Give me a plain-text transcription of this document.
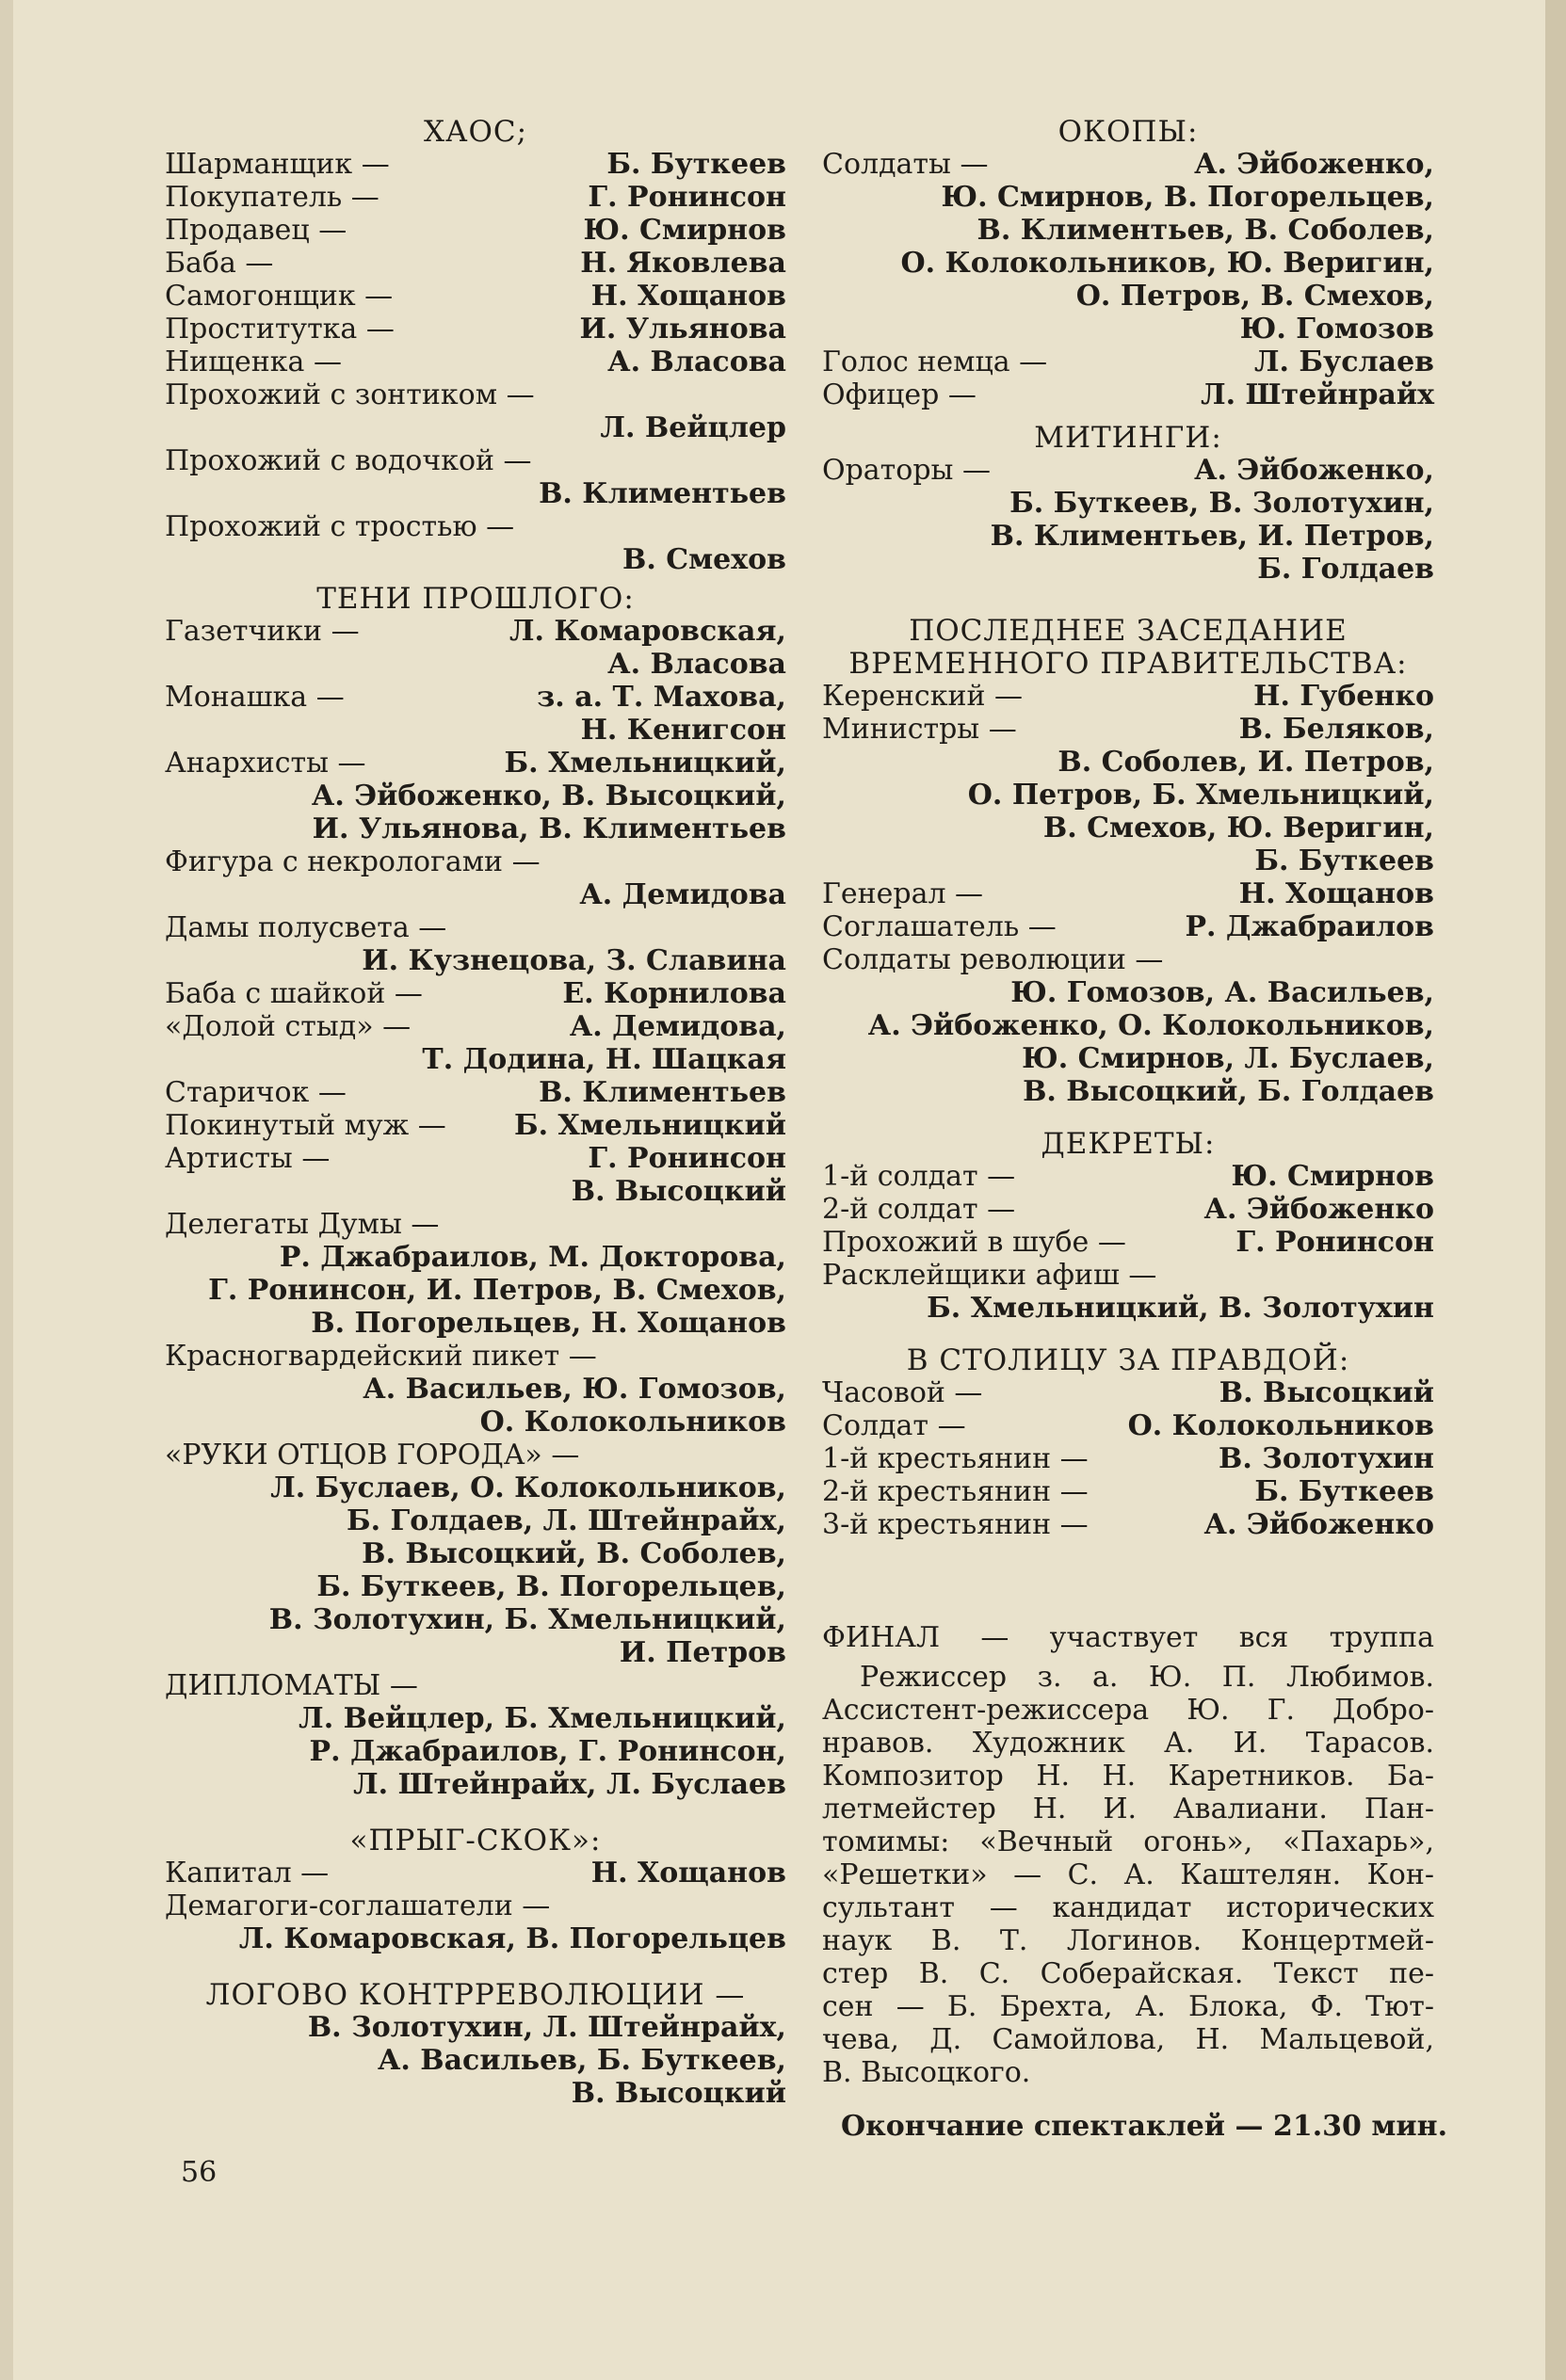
ХАОС;
Шарманщик —	Б. Буткеев
Покупатель —	Г. Ронинсон
Продавец —	Ю. Смирнов
Баба —	Н. Яковлева
Самогонщик —	Н. Хощанов
Проститутка —	И. Ульянова
Нищенка —	А. Власова
Прохожий с зонтиком —
Л. Вейцлер
Прохожий с водочкой —
В. Климентьев
Прохожий с тростью —
В. Смехов
ТЕНИ ПРОШЛОГО:
Газетчики —	Л. Комаровская,
А. Власова
Монашка —	з. а. Т. Махова,
Н. Кенигсон
Анархисты —	Б. Хмельницкий,
А. Эйбоженко, В. Высоцкий,
И. Ульянова, В. Климентьев
Фигура с некрологами —
А. Демидова
Дамы полусвета —
И. Кузнецова, З. Славина
Баба с шайкой —	Е. Корнилова
«Долой стыд» —	А. Демидова,
Т. Додина, Н. Шацкая
Старичок —	В. Климентьев
Покинутый муж — Б. Хмельницкий
Артисты —	Г. Ронинсон
В. Высоцкий
Делегаты Думы —
Р. Джабраилов, М. Докторова,
Г. Ронинсон, И. Петров, В. Смехов,
В. Погорельцев, Н. Хощанов
Красногвардейский пикет —
А. Васильев, Ю. Гомозов,
О. Колокольников
«РУКИ ОТЦОВ ГОРОДА» —
Л. Буслаев, О. Колокольников,
Б. Голдаев, Л. Штейнрайх,
В. Высоцкий, В. Соболев,
Б. Буткеев, В. Погорельцев,
В. Золотухин, Б. Хмельницкий,
И. Петров
ДИПЛОМАТЫ —
Л. Вейцлер, Б. Хмельницкий,
Р. Джабраилов, Г. Ронинсон,
Л. Штейнрайх, Л. Буслаев
«ПРЫГ-СКОК»:
Капитал —	Н. Хощанов
Демагоги-соглашатели —
Л. Комаровская, В. Погорельцев
ЛОГОВО КОНТРРЕВОЛЮЦИИ —
В. Золотухин, Л. Штейнрайх,
А. Васильев, Б. Буткеев,
В. Высоцкий
ОКОПЫ:
Солдаты —	А. Эйбоженко,
Ю. Смирнов, В. Погорельцев,
В. Климентьев, В. Соболев,
О. Колокольников, Ю. Веригин,
О. Петров, В. Смехов,
Ю. Гомозов
Голос немца —	Л. Буслаев
Офицер —	Л. Штейнрайх
МИТИНГИ:
Ораторы —	А. Эйбоженко,
Б. Буткеев, В. Золотухин,
В. Климентьев, И. Петров,
Б. Голдаев
ПОСЛЕДНЕЕ ЗАСЕДАНИЕ
ВРЕМЕННОГО ПРАВИТЕЛЬСТВА:
Керенский —	Н. Губенко
Министры —	В. Беляков,
В. Соболев, И. Петров,
О. Петров, Б. Хмельницкий,
В. Смехов, Ю. Веригин,
Б. Буткеев
Генерал —	Н. Хощанов
Соглашатель —	Р. Джабраилов
Солдаты революции —
Ю. Гомозов, А. Васильев,
А. Эйбоженко, О. Колокольников,
Ю. Смирнов, Л. Буслаев,
В. Высоцкий, Б. Голдаев
ДЕКРЕТЫ:
1-й солдат —	Ю. Смирнов
2-й солдат —	А. Эйбоженко
Прохожий в шубе —	Г. Ронинсон
Расклейщики афиш —
Б. Хмельницкий, В. Золотухин
В СТОЛИЦУ ЗА ПРАВДОЙ:
Часовой —	В. Высоцкий
Солдат —	О. Колокольников
1-й крестьянин —	В. Золотухин
2-й крестьянин —	Б. Буткеев
3-й крестьянин —	А. Эйбоженко
ФИНАЛ — участвует вся труппа
Режиссер з. а. Ю. П. Любимов.
Ассистент-режиссера Ю. Г. Добро-
нравов. Художник А. И. Тарасов.
Композитор Н. Н. Каретников. Ба-
летмейстер Н. И. Авалиани. Пан-
томимы: «Вечный огонь», «Пахарь»,
«Решетки» — С. А. Каштелян. Кон-
сультант — кандидат исторических
наук В. Т. Логинов. Концертмей-
стер В. С. Соберайская. Текст пе-
сен — Б. Брехта, А. Блока, Ф. Тют-
чева, Д. Самойлова, Н. Мальцевой,
В. Высоцкого.
Окончание спектаклей — 21.30 мин.
56
